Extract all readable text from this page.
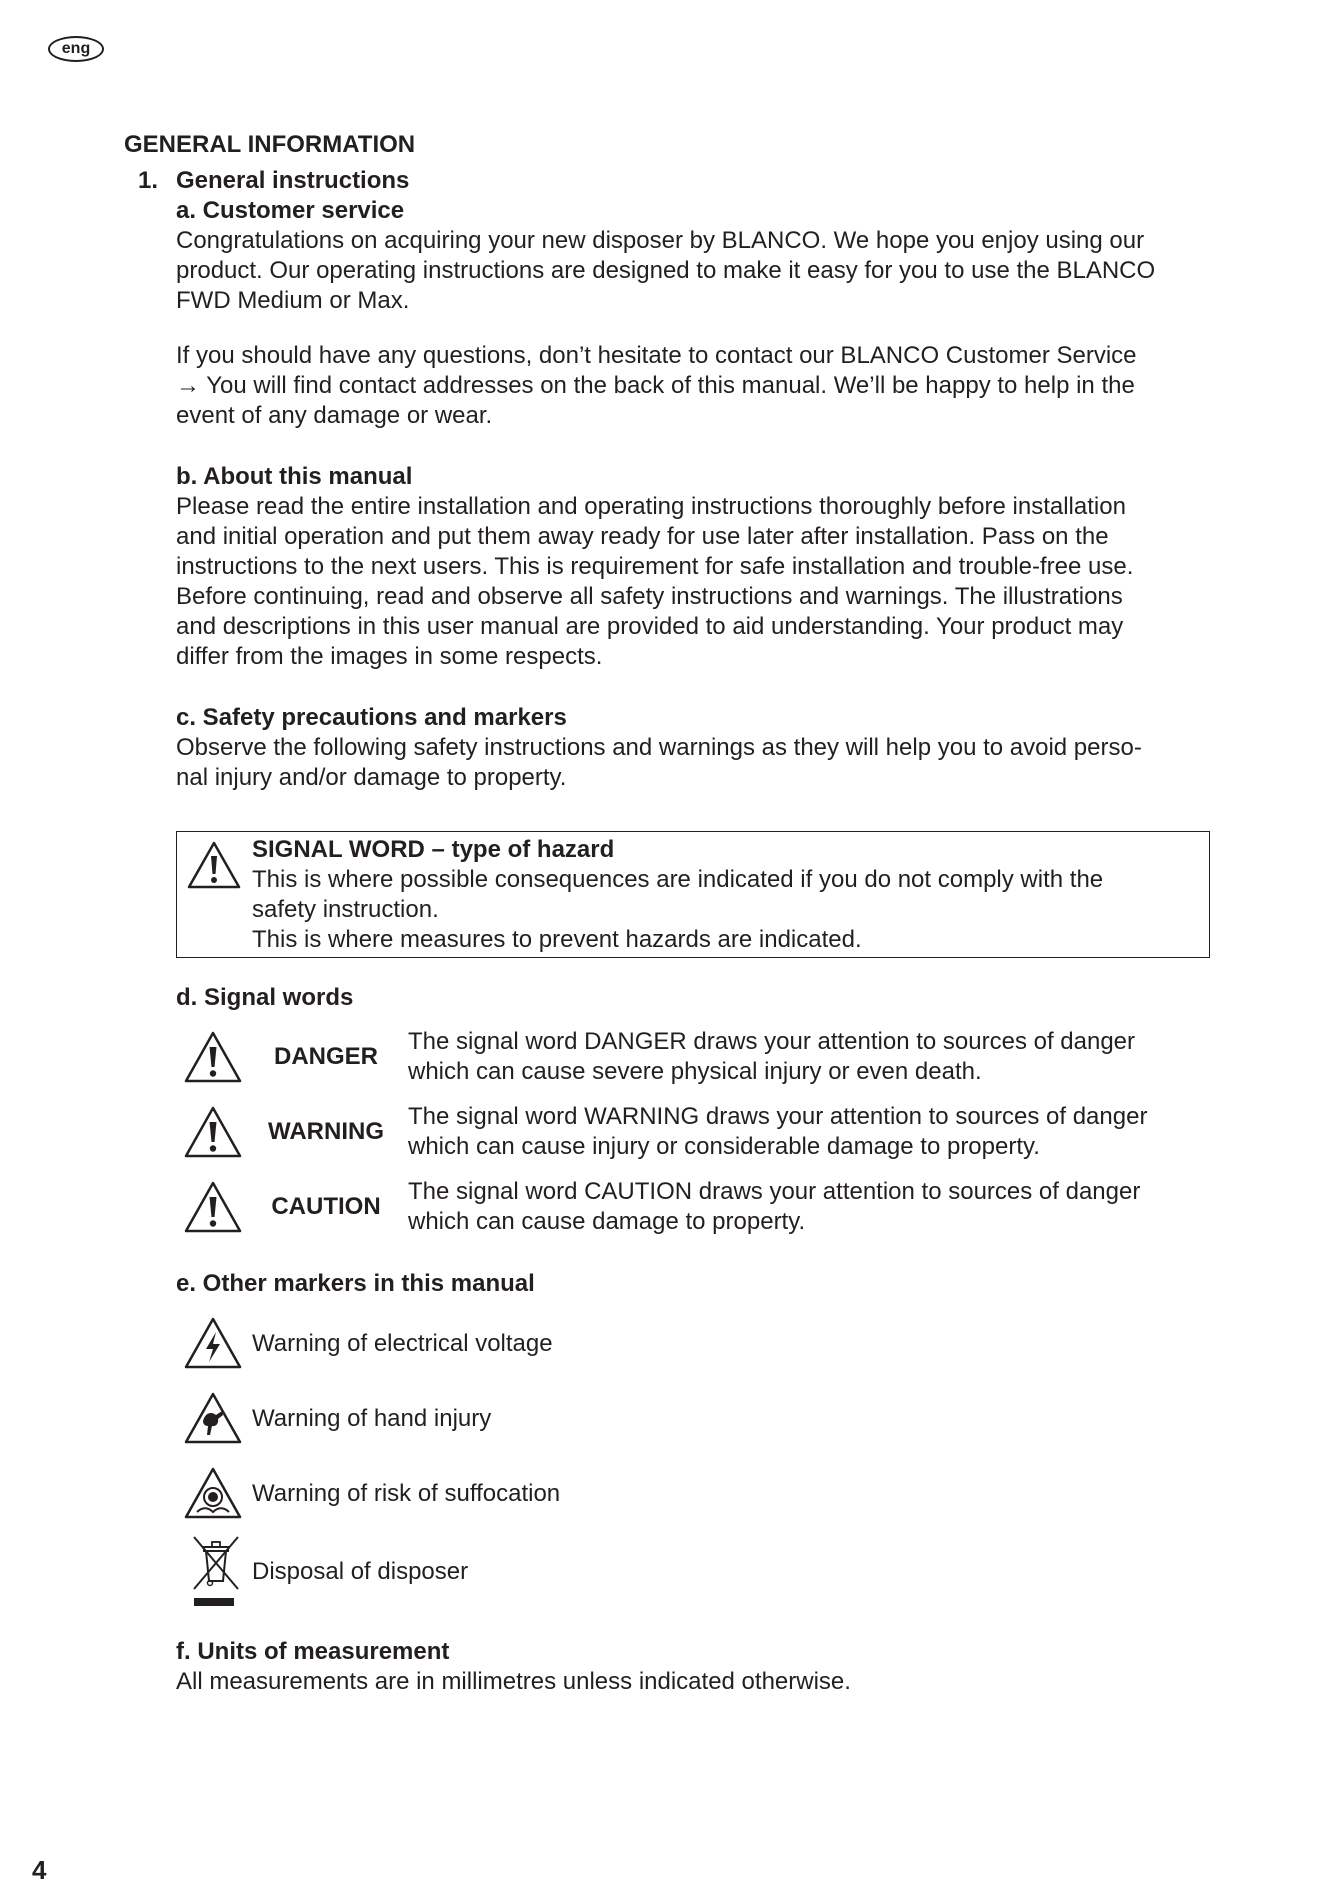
eng

GENERAL INFORMATION

1. General instructions

a. Customer service

Congratulations on acquiring your new disposer by BLANCO. We hope you enjoy using our

product. Our operating instructions are designed to make it easy for you to use the BLANCO

FWD Medium or Max.

If you should have any questions, don’t hesitate to contact our BLANCO Customer Service

→ You will find contact addresses on the back of this manual. We’ll be happy to help in the

event of any damage or wear.

b. About this manual

Please read the entire installation and operating instructions thoroughly before installation

and initial operation and put them away ready for use later after installation. Pass on the

instructions to the next users. This is requirement for safe installation and trouble-free use.

Before continuing, read and observe all safety instructions and warnings. The illustrations

and descriptions in this user manual are provided to aid understanding. Your product may

differ from the images in some respects.

c. Safety precautions and markers

Observe the following safety instructions and warnings as they will help you to avoid perso-

nal injury and/or damage to property.

SIGNAL WORD – type of hazard

This is where possible consequences are indicated if you do not comply with the

safety instruction.

This is where measures to prevent hazards are indicated.

d. Signal words

DANGER

The signal word DANGER draws your attention to sources of danger

which can cause severe physical injury or even death.

WARNING

The signal word WARNING draws your attention to sources of danger

which can cause injury or considerable damage to property.

CAUTION

The signal word CAUTION draws your attention to sources of danger

which can cause damage to property.

e. Other markers in this manual

Warning of electrical voltage

Warning of hand injury

Warning of risk of suffocation

Disposal of disposer

f. Units of measurement

All measurements are in millimetres unless indicated otherwise.

4
